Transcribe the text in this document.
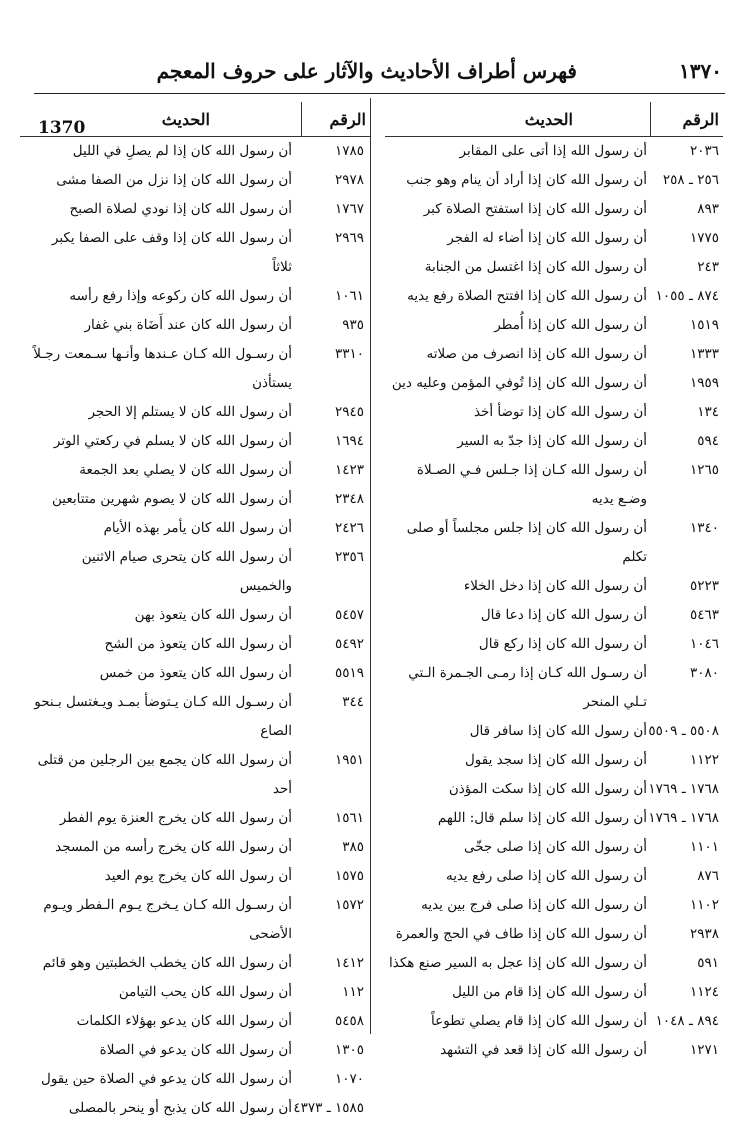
1370
فهرس أطراف الأحاديث والآثار على حروف المعجم	١٣٧٠
الرقم
الحديث
٢٠٣٦
أن رسول الله إذا أتى على المقابر
٢٥٦ ـ ٢٥٨
أن رسول الله كان إذا أراد أن ينام وهو جنب
٨٩٣
أن رسول الله كان إذا استفتح الصلاة كبر
١٧٧٥
أن رسول الله كان إذا أضاء له الفجر
٢٤٣
أن رسول الله كان إذا اغتسل من الجنابة
٨٧٤ ـ ١٠٥٥
أن رسول الله كان إذا افتتح الصلاة رفع يديه
١٥١٩
أن رسول الله كان إذا أُمطر
١٣٣٣
أن رسول الله كان إذا انصرف من صلاته
١٩٥٩
أن رسول الله كان إذا تُوفي المؤمن وعليه دين
١٣٤
أن رسول الله كان إذا توضأ أخذ
٥٩٤
أن رسول الله كان إذا جدّ به السير
١٢٦٥
أن رسول الله كـان إذا جـلس فـي الصـلاة وضـع يديه
١٣٤٠
أن رسول الله كان إذا جلس مجلساً أو صلى تكلم
٥٢٢٣
أن رسول الله كان إذا دخل الخلاء
٥٤٦٣
أن رسول الله كان إذا دعا قال
١٠٤٦
أن رسول الله كان إذا ركع قال
٣٠٨٠
أن رسـول الله كـان إذا رمـى الجـمرة الـتي تـلي المنحر
٥٥٠٨ ـ ٥٥٠٩
أن رسول الله كان إذا سافر قال
١١٢٢
أن رسول الله كان إذا سجد يقول
١٧٦٨ ـ ١٧٦٩
أن رسول الله كان إذا سكت المؤذن
١٧٦٨ ـ ١٧٦٩
أن رسول الله كان إذا سلم قال: اللهم
١١٠١
أن رسول الله كان إذا صلى جخّى
٨٧٦
أن رسول الله كان إذا صلى رفع يديه
١١٠٢
أن رسول الله كان إذا صلى فرج بين يديه
٢٩٣٨
أن رسول الله كان إذا طاف في الحج والعمرة
٥٩١
أن رسول الله كان إذا عجل به السير صنع هكذا
١١٢٤
أن رسول الله كان إذا قام من الليل
٨٩٤ ـ ١٠٤٨
أن رسول الله كان إذا قام يصلي تطوعاً
١٢٧١
أن رسول الله كان إذا قعد في التشهد
الرقم
الحديث
١٧٨٥
أن رسول الله كان إذا لم يصلِ في الليل
٢٩٧٨
أن رسول الله كان إذا نزل من الصفا مشى
١٧٦٧
أن رسول الله كان إذا نودي لصلاة الصبح
٢٩٦٩
أن رسول الله كان إذا وقف على الصفا يكبر ثلاثاً
١٠٦١
أن رسول الله كان ركوعه وإذا رفع رأسه
٩٣٥
أن رسول الله كان عند أَضَاة بني غفار
٣٣١٠
أن رسـول الله كـان عـندها وأنـها سـمعت رجـلاً يستأذن
٢٩٤٥
أن رسول الله كان لا يستلم إلا الحجر
١٦٩٤
أن رسول الله كان لا يسلم في ركعتي الوتر
١٤٢٣
أن رسول الله كان لا يصلي بعد الجمعة
٢٣٤٨
أن رسول الله كان لا يصوم شهرين متتابعين
٢٤٢٦
أن رسول الله كان يأمر بهذه الأيام
٢٣٥٦
أن رسول الله كان يتحرى صيام الاثنين والخميس
٥٤٥٧
أن رسول الله كان يتعوذ بهن
٥٤٩٢
أن رسول الله كان يتعوذ من الشح
٥٥١٩
أن رسول الله كان يتعوذ من خمس
٣٤٤
أن رسـول الله كـان يـتوضأ بمـد ويـغتسل بـنحو الصاع
١٩٥١
أن رسول الله كان يجمع بين الرجلين من قتلى أحد
١٥٦١
أن رسول الله كان يخرج العنزة يوم الفطر
٣٨٥
أن رسول الله كان يخرج رأسه من المسجد
١٥٧٥
أن رسول الله كان يخرج يوم العيد
١٥٧٢
أن رسـول الله كـان يـخرج يـوم الـفطر ويـوم الأضحى
١٤١٢
أن رسول الله كان يخطب الخطبتين وهو قائم
١١٢
أن رسول الله كان يحب التيامن
٥٤٥٨
أن رسول الله كان يدعو بهؤلاء الكلمات
١٣٠٥
أن رسول الله كان يدعو في الصلاة
١٠٧٠
أن رسول الله كان يدعو في الصلاة حين يقول
١٥٨٥ ـ ٤٣٧٣
أن رسول الله كان يذبح أو ينحر بالمصلى
